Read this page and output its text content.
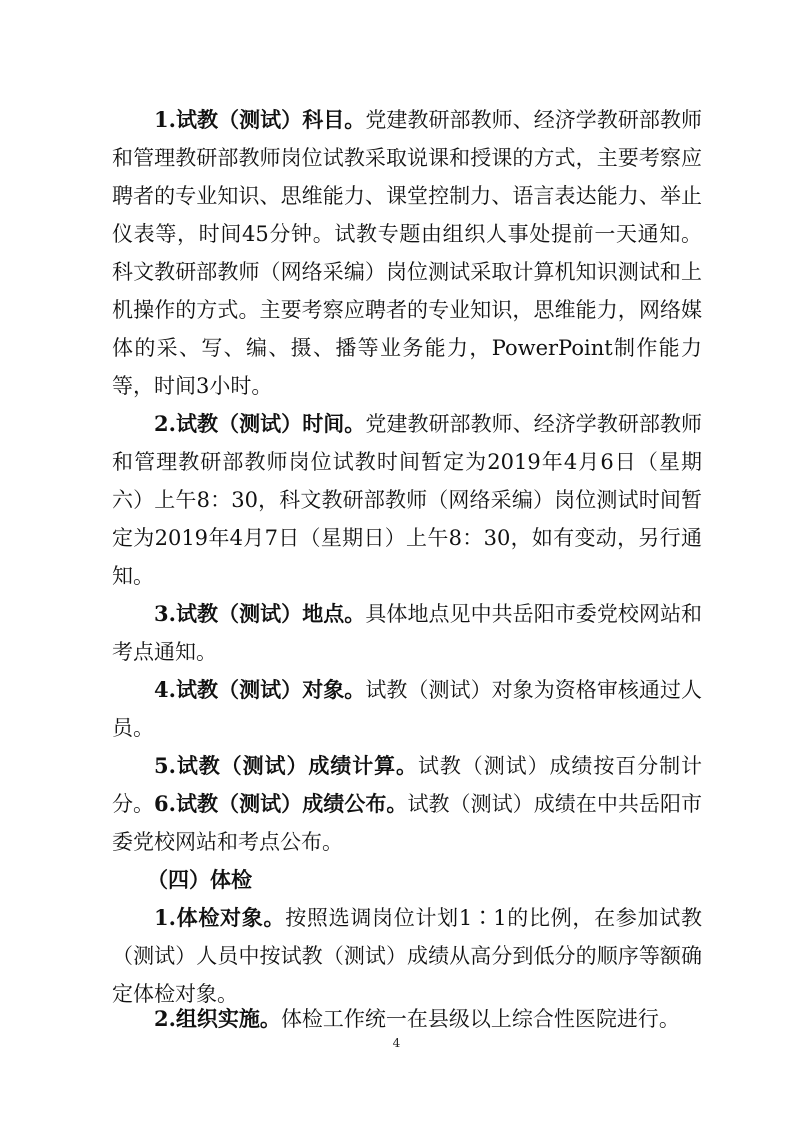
1.试教（测试）科目。党建教研部教师、经济学教研部教师和管理教研部教师岗位试教采取说课和授课的方式，主要考察应聘者的专业知识、思维能力、课堂控制力、语言表达能力、举止仪表等，时间45分钟。试教专题由组织人事处提前一天通知。科文教研部教师（网络采编）岗位测试采取计算机知识测试和上机操作的方式。主要考察应聘者的专业知识，思维能力，网络媒体的采、写、编、摄、播等业务能力，PowerPoint制作能力等，时间3小时。

2.试教（测试）时间。党建教研部教师、经济学教研部教师和管理教研部教师岗位试教时间暂定为2019年4月6日（星期六）上午8：30，科文教研部教师（网络采编）岗位测试时间暂定为2019年4月7日（星期日）上午8：30，如有变动，另行通知。

3.试教（测试）地点。具体地点见中共岳阳市委党校网站和考点通知。

4.试教（测试）对象。试教（测试）对象为资格审核通过人员。

5.试教（测试）成绩计算。试教（测试）成绩按百分制计分。 6.试教（测试）成绩公布。试教（测试）成绩在中共岳阳市委党校网站和考点公布。

（四）体检

1.体检对象。按照选调岗位计划1∶1的比例，在参加试教（测试）人员中按试教（测试）成绩从高分到低分的顺序等额确定体检对象。

2.组织实施。体检工作统一在县级以上综合性医院进行。

4
